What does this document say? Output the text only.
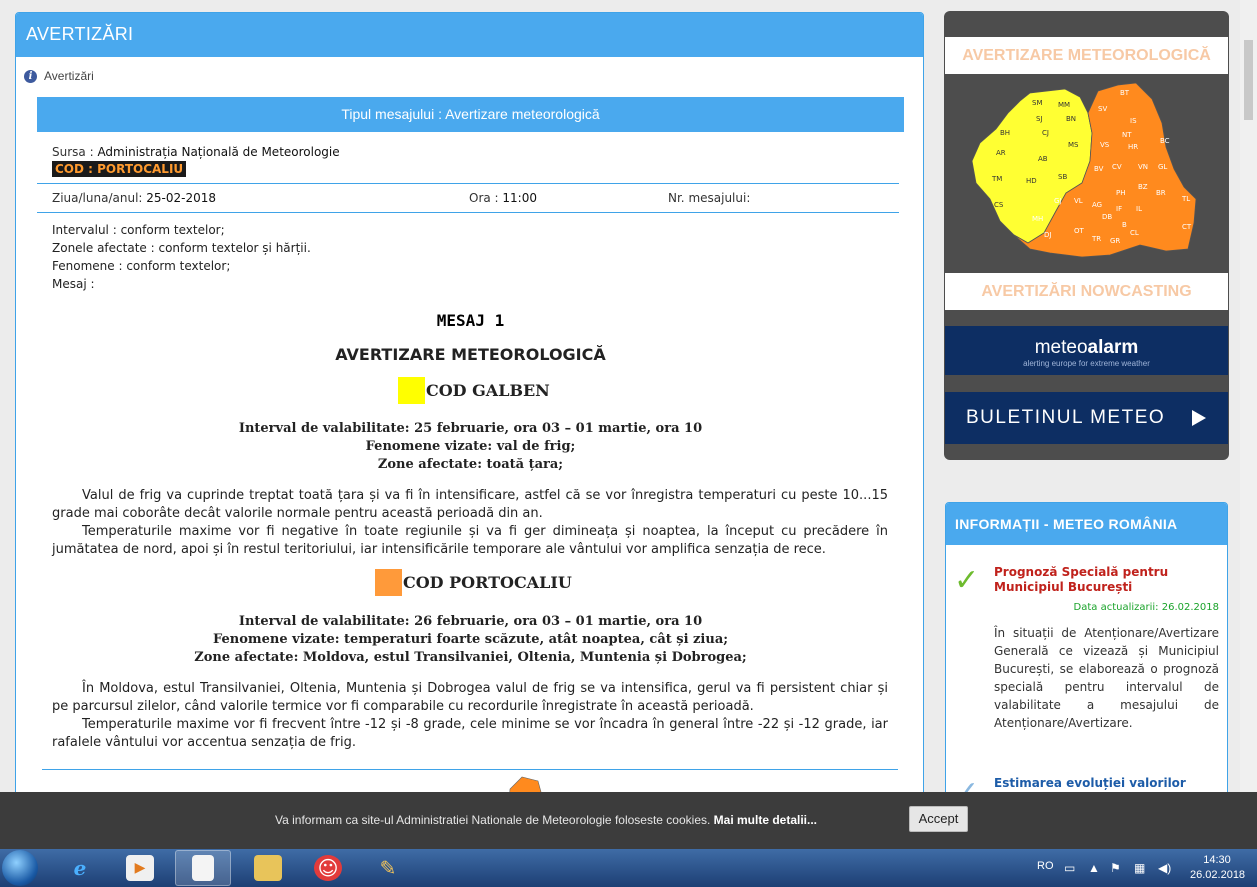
AVERTIZĂRI
i Avertizări
Tipul mesajului : Avertizare meteorologică
Sursa : Administrația Națională de Meteorologie
COD : PORTOCALIU
Ziua/luna/anul: 25-02-2018	Ora : 11:00	Nr. mesajului:
Intervalul : conform textelor;
Zonele afectate : conform textelor și hărții.
Fenomene : conform textelor;
Mesaj :
MESAJ 1
AVERTIZARE METEOROLOGICĂ
COD GALBEN
Interval de valabilitate: 25 februarie, ora 03 – 01 martie, ora 10
Fenomene vizate: val de frig;
Zone afectate: toată țara;

Valul de frig va cuprinde treptat toată țara și va fi în intensificare, astfel că se vor înregistra temperaturi cu peste 10...15 grade mai coborâte decât valorile normale pentru această perioadă din an.

Temperaturile maxime vor fi negative în toate regiunile și va fi ger dimineața și noaptea, la început cu precădere în jumătatea de nord, apoi și în restul teritoriului, iar intensificările temporare ale vântului vor amplifica senzația de rece.

COD PORTOCALIU
Interval de valabilitate: 26 februarie, ora 03 – 01 martie, ora 10
Fenomene vizate: temperaturi foarte scăzute, atât noaptea, cât și ziua;
Zone afectate: Moldova, estul Transilvaniei, Oltenia, Muntenia și Dobrogea;

În Moldova, estul Transilvaniei, Oltenia, Muntenia și Dobrogea valul de frig se va intensifica, gerul va fi persistent chiar și pe parcursul zilelor, când valorile termice vor fi comparabile cu recordurile înregistrate în această perioadă.

Temperaturile maxime vor fi frecvent între -12 și -8 grade, cele minime se vor încadra în general între -22 și -12 grade, iar rafalele vântului vor accentua senzația de frig.

AVERTIZARE METEOROLOGICĂ
SM MM
SJ	BN
BH	CJ
AR
AB
MS
TM	HD	SB
CS
BT
SV
IS
NT
VS	HR
BC
CV VN GL
BV
BZ
BR
TL
GJ VL AG
PH
DB
IL
CT
MH
DJ	OT
TR
B
GR
CL
IF
AVERTIZĂRI NOWCASTING
meteoalarm
alerting europe for extreme weather
BULETINUL METEO
INFORMAȚII - METEO ROMÂNIA
✓ Prognoză Specială pentru Municipiul București
Data actualizarii: 26.02.2018
În situații de Atenționare/Avertizare Generală ce vizează și Municipiul București, se elaborează o prognoză specială pentru intervalul de valabilitate a mesajului de Atenționare/Avertizare.
Estimarea evoluției valorilor
Va informam ca site-ul Administratiei Nationale de Meteorologie foloseste cookies. Mai multe detalii...	Accept
e	▶	☺ ✎	RO ▭ ▲ ⚑ ▦ ◀)
14:30
26.02.2018
